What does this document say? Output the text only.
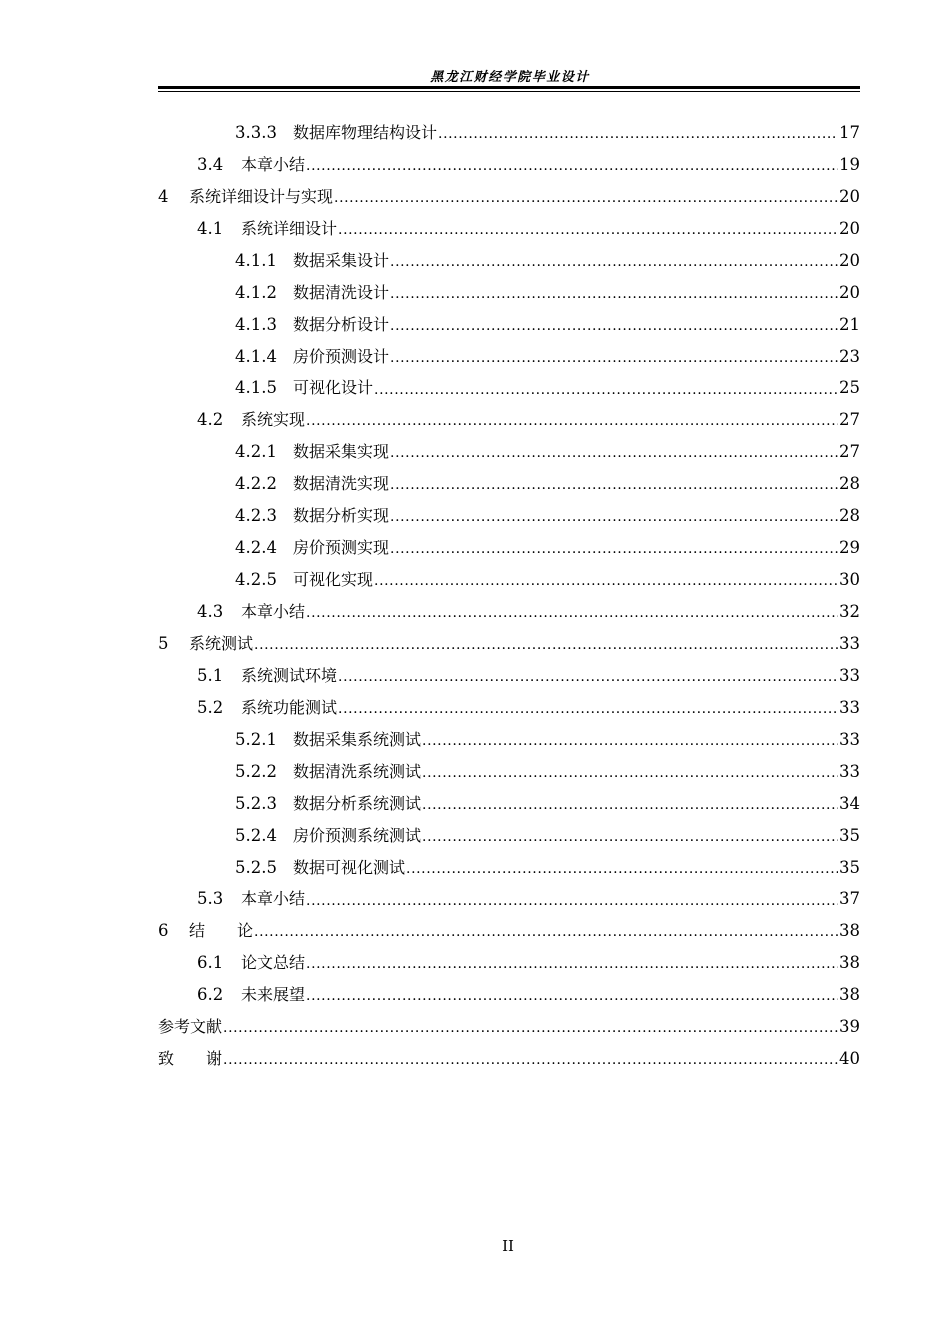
黑龙江财经学院毕业设计
3.3.3	数据库物理结构设计 .....	17
3.4	本章小结 .....	19
4	系统详细设计与实现 .....	20
4.1	系统详细设计 .....	20
4.1.1	数据采集设计 .....	20
4.1.2	数据清洗设计 .....	20
4.1.3	数据分析设计 .....	21
4.1.4	房价预测设计 .....	23
4.1.5	可视化设计 .....	25
4.2	系统实现 .....	27
4.2.1	数据采集实现 .....	27
4.2.2	数据清洗实现 .....	28
4.2.3	数据分析实现 .....	28
4.2.4	房价预测实现 .....	29
4.2.5	可视化实现 .....	30
4.3	本章小结 .....	32
5	系统测试 .....	33
5.1	系统测试环境 .....	33
5.2	系统功能测试 .....	33
5.2.1	数据采集系统测试 .....	33
5.2.2	数据清洗系统测试 .....	33
5.2.3	数据分析系统测试 .....	34
5.2.4	房价预测系统测试 .....	35
5.2.5	数据可视化测试 .....	35
5.3	本章小结 .....	37
6	结　　论 .....	38
6.1	论文总结 .....	38
6.2	未来展望 .....	38
参考文献 .....	39
致　　谢 .....	40
II
